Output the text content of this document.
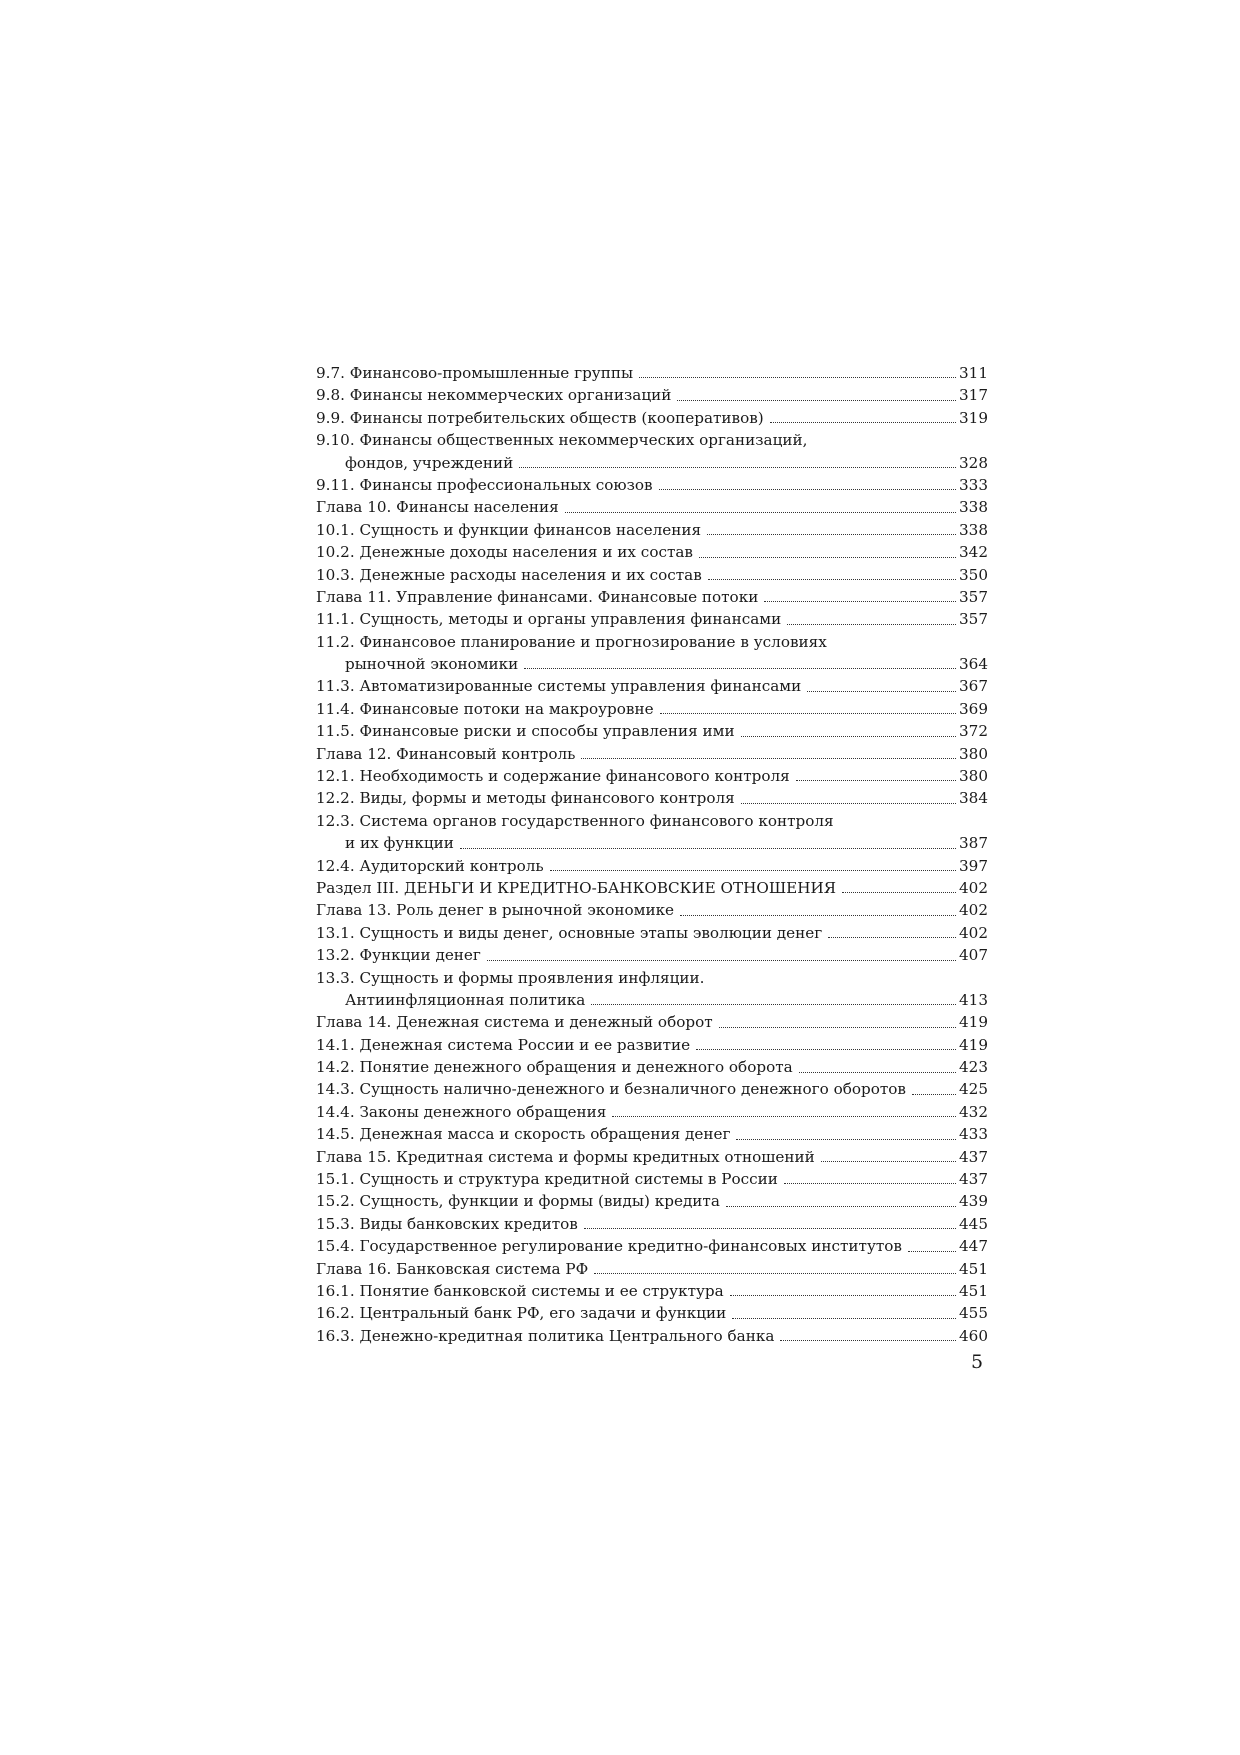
9.7. Финансово-промышленные группы	311
9.8. Финансы некоммерческих организаций	317
9.9. Финансы потребительских обществ (кооперативов)	319
9.10. Финансы общественных некоммерческих организаций,
фондов, учреждений	328
9.11. Финансы профессиональных союзов	333
Глава 10. Финансы населения	338
10.1. Сущность и функции финансов населения	338
10.2. Денежные доходы населения и их состав	342
10.3. Денежные расходы населения и их состав	350
Глава 11. Управление финансами. Финансовые потоки	357
11.1. Сущность, методы и органы управления финансами	357
11.2. Финансовое планирование и прогнозирование в условиях
рыночной экономики	364
11.3. Автоматизированные системы управления финансами	367
11.4. Финансовые потоки на макроуровне	369
11.5. Финансовые риски и способы управления ими	372
Глава 12. Финансовый контроль	380
12.1. Необходимость и содержание финансового контроля	380
12.2. Виды, формы и методы финансового контроля	384
12.3. Система органов государственного финансового контроля
и их функции	387
12.4. Аудиторский контроль	397
Раздел III. ДЕНЬГИ И КРЕДИТНО-БАНКОВСКИЕ ОТНОШЕНИЯ	402
Глава 13. Роль денег в рыночной экономике	402
13.1. Сущность и виды денег, основные этапы эволюции денег	402
13.2. Функции денег	407
13.3. Сущность и формы проявления инфляции.
Антиинфляционная политика	413
Глава 14. Денежная система и денежный оборот	419
14.1. Денежная система России и ее развитие	419
14.2. Понятие денежного обращения и денежного оборота	423
14.3. Сущность налично-денежного и безналичного денежного оборотов	425
14.4. Законы денежного обращения	432
14.5. Денежная масса и скорость обращения денег	433
Глава 15. Кредитная система и формы кредитных отношений	437
15.1. Сущность и структура кредитной системы в России	437
15.2. Сущность, функции и формы (виды) кредита	439
15.3. Виды банковских кредитов	445
15.4. Государственное регулирование кредитно-финансовых институтов	447
Глава 16. Банковская система РФ	451
16.1. Понятие банковской системы и ее структура	451
16.2. Центральный банк РФ, его задачи и функции	455
16.3. Денежно-кредитная политика Центрального банка	460
5
